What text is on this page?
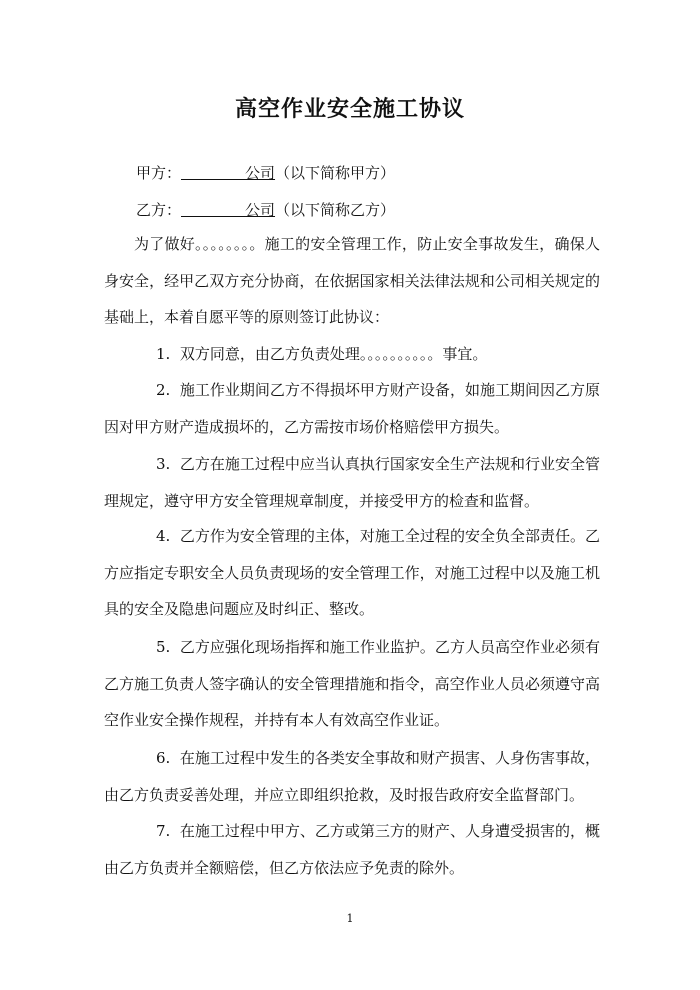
高空作业安全施工协议
甲方：	公司（以下简称甲方）
乙方：	公司（以下简称乙方）

为了做好。。。。。。。。施工的安全管理工作，防止安全事故发生，确保人身安全，经甲乙双方充分协商，在依据国家相关法律法规和公司相关规定的基础上，本着自愿平等的原则签订此协议：

1. 双方同意，由乙方负责处理。。。。。。。。。。事宜。

2. 施工作业期间乙方不得损坏甲方财产设备，如施工期间因乙方原因对甲方财产造成损坏的，乙方需按市场价格赔偿甲方损失。

3. 乙方在施工过程中应当认真执行国家安全生产法规和行业安全管理规定，遵守甲方安全管理规章制度，并接受甲方的检查和监督。

4. 乙方作为安全管理的主体，对施工全过程的安全负全部责任。乙方应指定专职安全人员负责现场的安全管理工作，对施工过程中以及施工机具的安全及隐患问题应及时纠正、整改。

5. 乙方应强化现场指挥和施工作业监护。乙方人员高空作业必须有乙方施工负责人签字确认的安全管理措施和指令，高空作业人员必须遵守高空作业安全操作规程，并持有本人有效高空作业证。

6. 在施工过程中发生的各类安全事故和财产损害、人身伤害事故，由乙方负责妥善处理，并应立即组织抢救，及时报告政府安全监督部门。

7. 在施工过程中甲方、乙方或第三方的财产、人身遭受损害的，概由乙方负责并全额赔偿，但乙方依法应予免责的除外。

1
